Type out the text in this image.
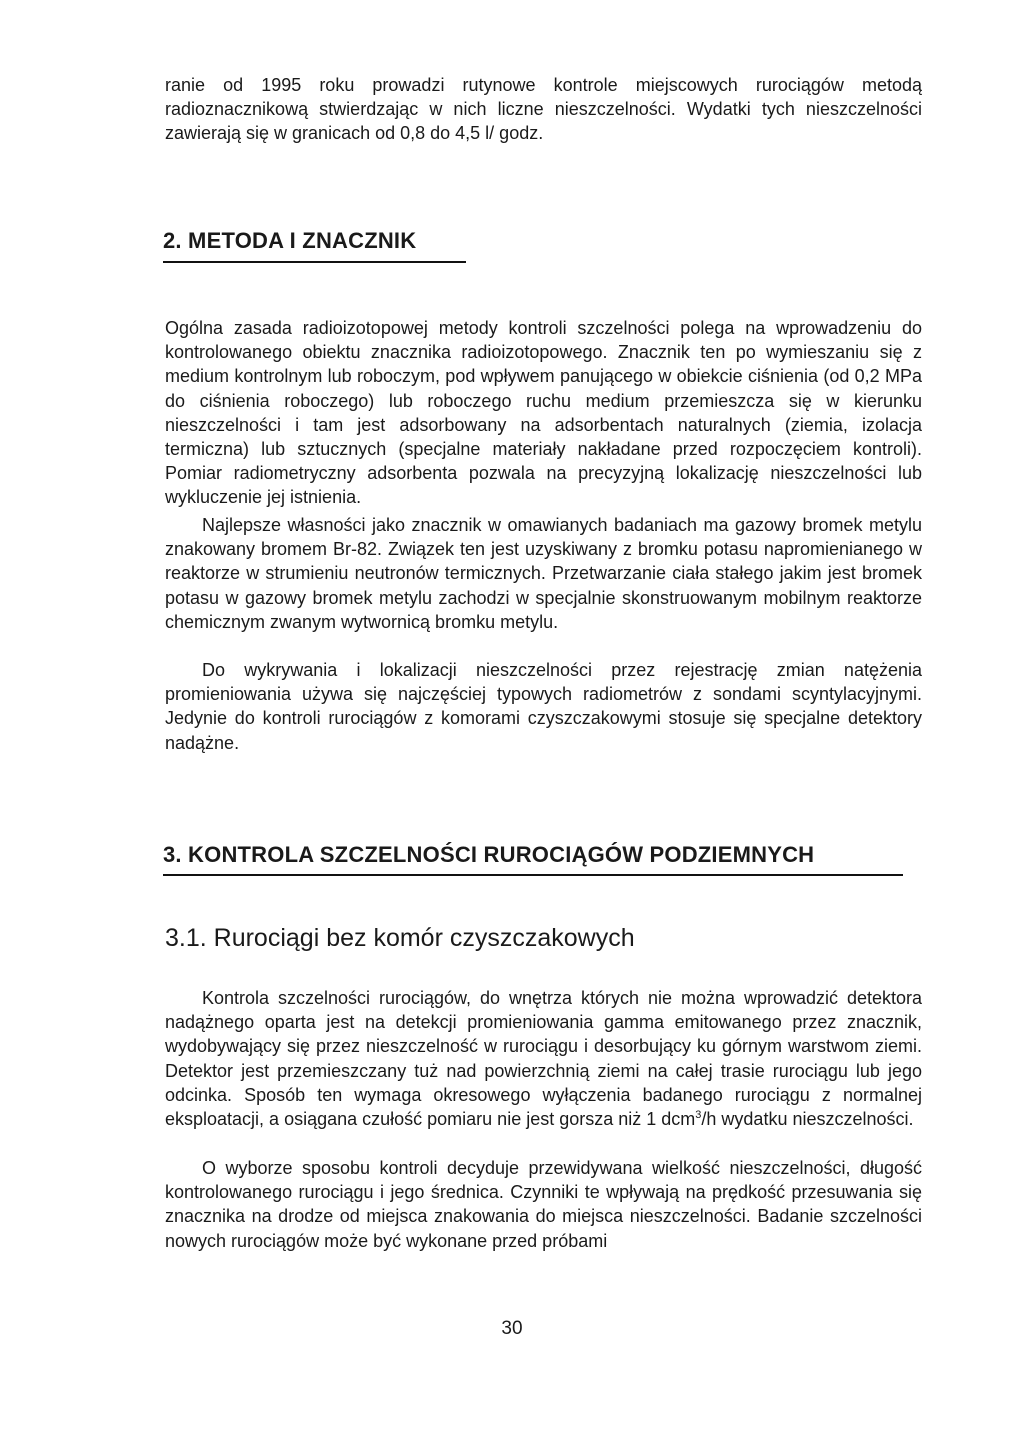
ranie od 1995 roku prowadzi rutynowe kontrole miejscowych rurociągów metodą radioznacznikową stwierdzając w nich liczne nieszczelności. Wydatki tych nieszczelności zawierają się w granicach od 0,8 do 4,5 l/ godz.

2. METODA I ZNACZNIK

Ogólna zasada radioizotopowej metody kontroli szczelności polega na wprowadzeniu do kontrolowanego obiektu znacznika radioizotopowego. Znacznik ten po wymieszaniu się z medium kontrolnym lub roboczym, pod wpływem panującego w obiekcie ciśnienia (od 0,2 MPa do ciśnienia roboczego) lub roboczego ruchu medium przemieszcza się w kierunku nieszczelności i tam jest adsorbowany na adsorbentach naturalnych (ziemia, izolacja termiczna) lub sztucznych (specjalne materiały nakładane przed rozpoczęciem kontroli). Pomiar radiometryczny adsorbenta pozwala na precyzyjną lokalizację nieszczelności lub wykluczenie jej istnienia.

Najlepsze własności jako znacznik w omawianych badaniach ma gazowy bromek metylu znakowany bromem Br-82. Związek ten jest uzyskiwany z bromku potasu napromienianego w reaktorze w strumieniu neutronów termicznych. Przetwarzanie ciała stałego jakim jest bromek potasu w gazowy bromek metylu zachodzi w specjalnie skonstruowanym mobilnym reaktorze chemicznym zwanym wytwornicą bromku metylu.

Do wykrywania i lokalizacji nieszczelności przez rejestrację zmian natężenia promieniowania używa się najczęściej typowych radiometrów z sondami scyntylacyjnymi. Jedynie do kontroli rurociągów z komorami czyszczakowymi stosuje się specjalne detektory nadążne.

3. KONTROLA SZCZELNOŚCI RUROCIĄGÓW PODZIEMNYCH
3.1. Rurociągi bez komór czyszczakowych

Kontrola szczelności rurociągów, do wnętrza których nie można wprowadzić detektora nadążnego oparta jest na detekcji promieniowania gamma emitowanego przez znacznik, wydobywający się przez nieszczelność w rurociągu i desorbujący ku górnym warstwom ziemi. Detektor jest przemieszczany tuż nad powierzchnią ziemi na całej trasie rurociągu lub jego odcinka. Sposób ten wymaga okresowego wyłączenia badanego rurociągu z normalnej eksploatacji, a osiągana czułość pomiaru nie jest gorsza niż 1 dcm$^3$/h wydatku nieszczelności.

O wyborze sposobu kontroli decyduje przewidywana wielkość nieszczelności, długość kontrolowanego rurociągu i jego średnica. Czynniki te wpływają na prędkość przesuwania się znacznika na drodze od miejsca znakowania do miejsca nieszczelności. Badanie szczelności nowych rurociągów może być wykonane przed próbami

30
